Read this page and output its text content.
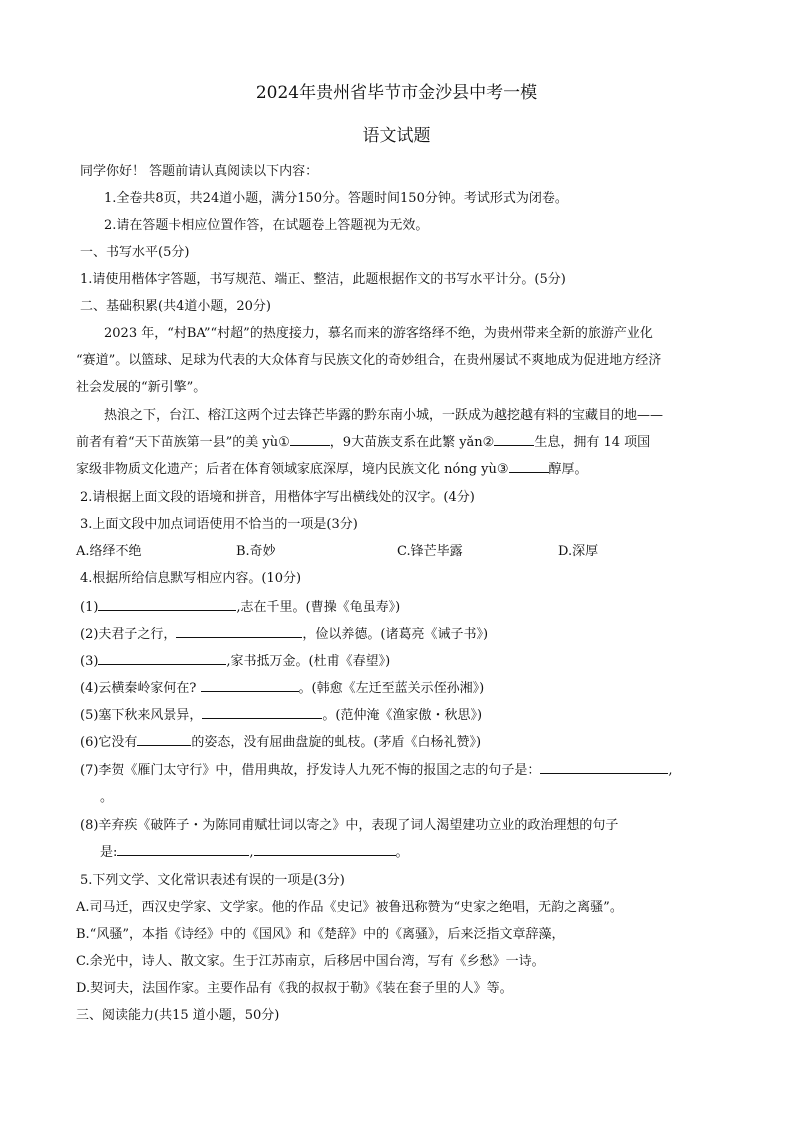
2024年贵州省毕节市金沙县中考一模
语文试题
同学你好！ 答题前请认真阅读以下内容：
1.全卷共8页，共24道小题，满分150分。答题时间150分钟。考试形式为闭卷。
2.请在答题卡相应位置作答，在试题卷上答题视为无效。
一、书写水平(5分)
1.请使用楷体字答题，书写规范、端正、整洁，此题根据作文的书写水平计分。(5分)
二、基础积累(共4道小题，20分)
2023 年，“村BA”“村超”的热度接力，慕名而来的游客络绎不绝，为贵州带来全新的旅游产业化
“赛道”。以篮球、足球为代表的大众体育与民族文化的奇妙组合，在贵州屡试不爽地成为促进地方经济
社会发展的“新引擎”。
热浪之下，台江、榕江这两个过去锋芒毕露的黔东南小城，一跃成为越挖越有料的宝藏目的地——
前者有着“天下苗族第一县”的美 yù①	，9大苗族支系在此繁 yǎn②	生息，拥有 14 项国
家级非物质文化遗产；后者在体育领域家底深厚，境内民族文化 nóng yù③	醇厚。
2.请根据上面文段的语境和拼音，用楷体字写出横线处的汉字。(4分)
3.上面文段中加点词语使用不恰当的一项是(3分)
A.络绎不绝	B.奇妙	C.锋芒毕露	D.深厚
4.根据所给信息默写相应内容。(10分)
(1)	,志在千里。(曹操《龟虽寿》)
(2)夫君子之行，	，俭以养德。(诸葛亮《诫子书》)
(3)	,家书抵万金。(杜甫《春望》)
(4)云横秦岭家何在?	。(韩愈《左迁至蓝关示侄孙湘》)
(5)塞下秋来风景异，	。(范仲淹《渔家傲・秋思》)
(6)它没有	的姿态，没有屈曲盘旋的虬枝。(茅盾《白杨礼赞》)
(7)李贺《雁门太守行》中，借用典故，抒发诗人九死不悔的报国之志的句子是：	,
。
(8)辛弃疾《破阵子・为陈同甫赋壮词以寄之》中，表现了词人渴望建功立业的政治理想的句子
是:	,	。
5.下列文学、文化常识表述有误的一项是(3分)
A.司马迁，西汉史学家、文学家。他的作品《史记》被鲁迅称赞为“史家之绝唱，无韵之离骚”。
B.“风骚”，本指《诗经》中的《国风》和《楚辞》中的《离骚》，后来泛指文章辞藻，
C.余光中，诗人、散文家。生于江苏南京，后移居中国台湾，写有《乡愁》一诗。
D.契诃夫，法国作家。主要作品有《我的叔叔于勒》《装在套子里的人》等。
三、阅读能力(共15 道小题，50分)
